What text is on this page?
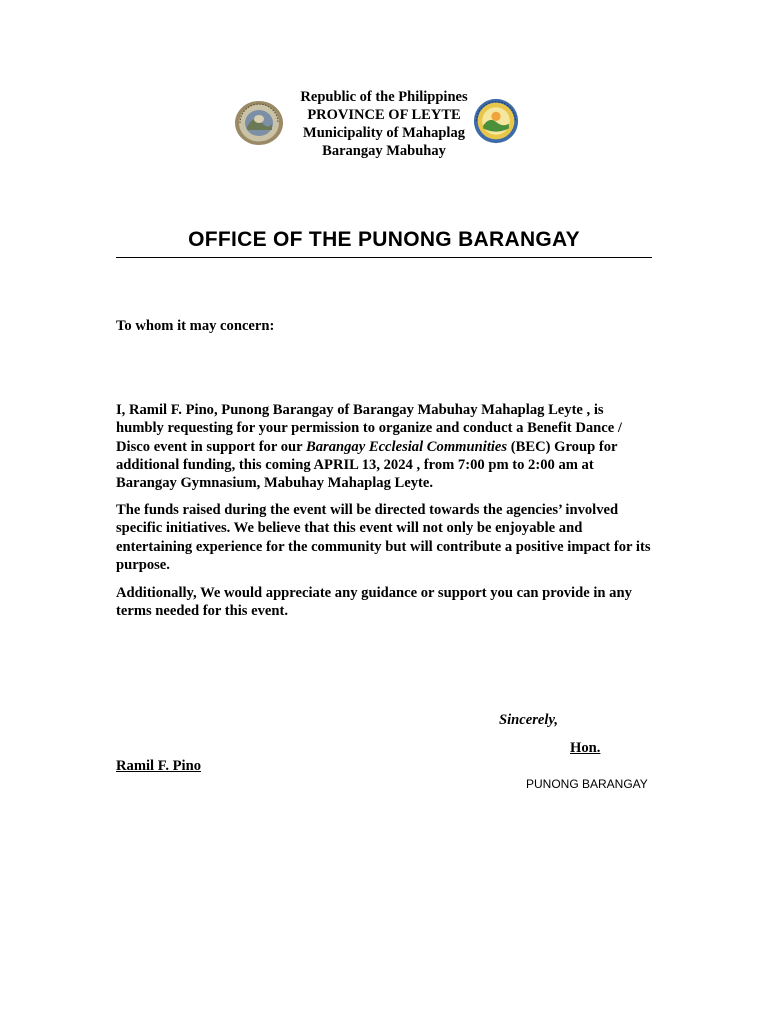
Republic of the Philippines
PROVINCE OF LEYTE
Municipality of Mahaplag
Barangay Mabuhay
OFFICE OF THE PUNONG BARANGAY
To whom it may concern:
I, Ramil F. Pino, Punong Barangay of Barangay Mabuhay Mahaplag Leyte , is humbly requesting for your permission to organize and conduct a Benefit Dance / Disco event in support for our Barangay Ecclesial Communities (BEC) Group for additional funding, this coming APRIL 13, 2024 , from 7:00 pm to 2:00 am at Barangay Gymnasium, Mabuhay Mahaplag Leyte.
The funds raised during the event will be directed towards the agencies’ involved specific initiatives. We believe that this event will not only be enjoyable and entertaining experience for the community but will contribute a positive impact for its purpose.
Additionally, We would appreciate any guidance or support you can provide in any terms needed for this event.
Sincerely,
Hon.
Ramil F. Pino
PUNONG BARANGAY
